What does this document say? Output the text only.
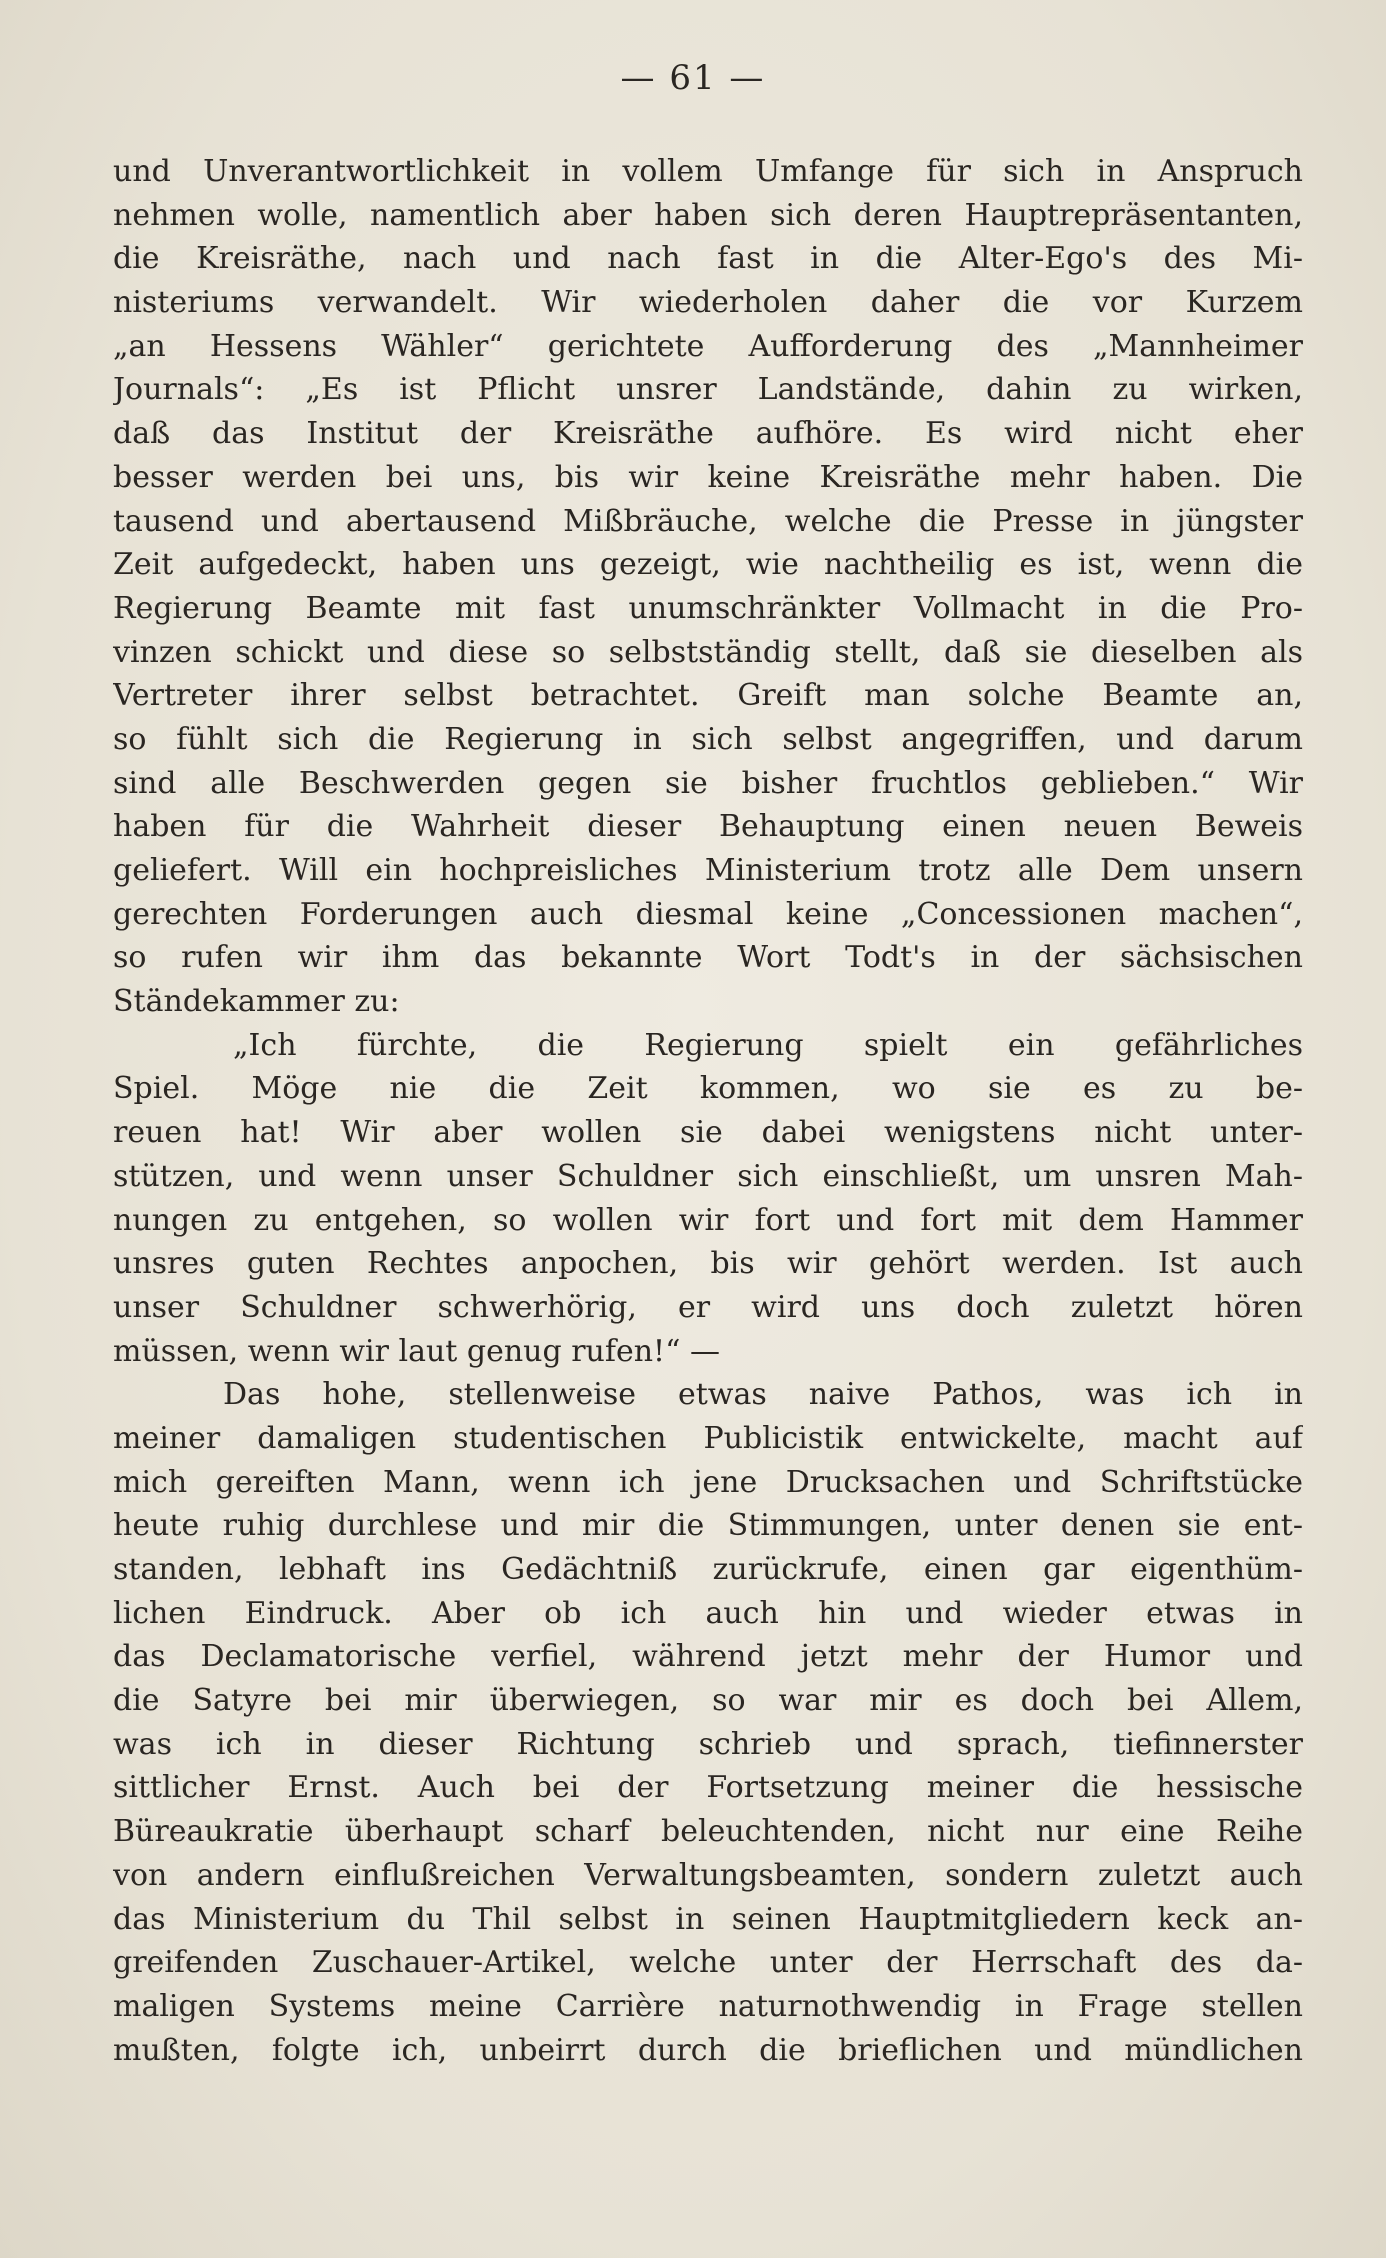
— 61 —
und Unverantwortlichkeit in vollem Umfange für sich in Anspruch
nehmen wolle, namentlich aber haben sich deren Hauptrepräsentanten,
die Kreisräthe, nach und nach fast in die Alter-Ego's des Mi-
nisteriums verwandelt. Wir wiederholen daher die vor Kurzem
„an Hessens Wähler“ gerichtete Aufforderung des „Mannheimer
Journals“: „Es ist Pflicht unsrer Landstände, dahin zu wirken,
daß das Institut der Kreisräthe aufhöre. Es wird nicht eher
besser werden bei uns, bis wir keine Kreisräthe mehr haben. Die
tausend und abertausend Mißbräuche, welche die Presse in jüngster
Zeit aufgedeckt, haben uns gezeigt, wie nachtheilig es ist, wenn die
Regierung Beamte mit fast unumschränkter Vollmacht in die Pro-
vinzen schickt und diese so selbstständig stellt, daß sie dieselben als
Vertreter ihrer selbst betrachtet. Greift man solche Beamte an,
so fühlt sich die Regierung in sich selbst angegriffen, und darum
sind alle Beschwerden gegen sie bisher fruchtlos geblieben.“ Wir
haben für die Wahrheit dieser Behauptung einen neuen Beweis
geliefert. Will ein hochpreisliches Ministerium trotz alle Dem unsern
gerechten Forderungen auch diesmal keine „Concessionen machen“,
so rufen wir ihm das bekannte Wort Todt's in der sächsischen
Ständekammer zu:
„Ich fürchte, die Regierung spielt ein gefährliches
Spiel. Möge nie die Zeit kommen, wo sie es zu be-
reuen hat! Wir aber wollen sie dabei wenigstens nicht unter-
stützen, und wenn unser Schuldner sich einschließt, um unsren Mah-
nungen zu entgehen, so wollen wir fort und fort mit dem Hammer
unsres guten Rechtes anpochen, bis wir gehört werden. Ist auch
unser Schuldner schwerhörig, er wird uns doch zuletzt hören
müssen, wenn wir laut genug rufen!“ —
Das hohe, stellenweise etwas naive Pathos, was ich in
meiner damaligen studentischen Publicistik entwickelte, macht auf
mich gereiften Mann, wenn ich jene Drucksachen und Schriftstücke
heute ruhig durchlese und mir die Stimmungen, unter denen sie ent-
standen, lebhaft ins Gedächtniß zurückrufe, einen gar eigenthüm-
lichen Eindruck. Aber ob ich auch hin und wieder etwas in
das Declamatorische verfiel, während jetzt mehr der Humor und
die Satyre bei mir überwiegen, so war mir es doch bei Allem,
was ich in dieser Richtung schrieb und sprach, tiefinnerster
sittlicher Ernst. Auch bei der Fortsetzung meiner die hessische
Büreaukratie überhaupt scharf beleuchtenden, nicht nur eine Reihe
von andern einflußreichen Verwaltungsbeamten, sondern zuletzt auch
das Ministerium du Thil selbst in seinen Hauptmitgliedern keck an-
greifenden Zuschauer-Artikel, welche unter der Herrschaft des da-
maligen Systems meine Carrière naturnothwendig in Frage stellen
mußten, folgte ich, unbeirrt durch die brieflichen und mündlichen
